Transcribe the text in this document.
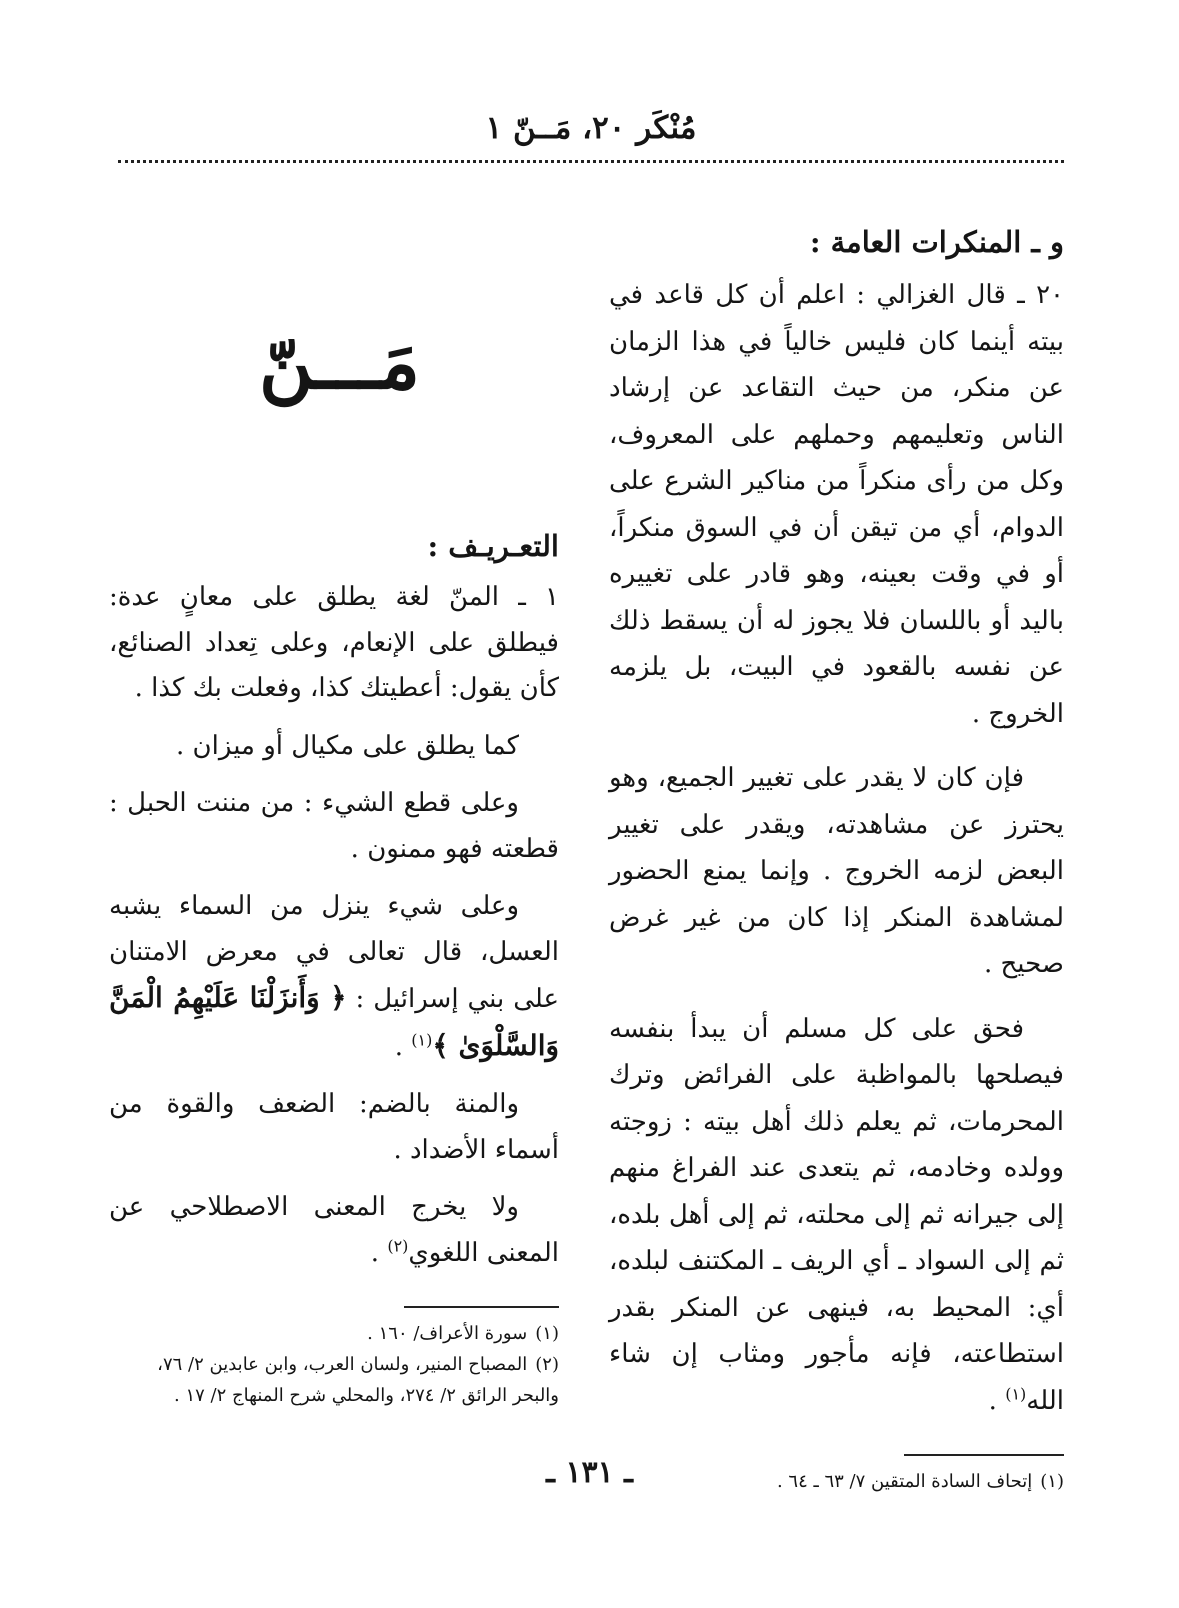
مُنْكَر ٢٠، مَــنّ ١
و ـ المنكرات العامة :

٢٠ ـ قال الغزالي : اعلم أن كل قاعد في بيته أينما كان فليس خالياً في هذا الزمان عن منكر، من حيث التقاعد عن إرشاد الناس وتعليمهم وحملهم على المعروف، وكل من رأى منكراً من مناكير الشرع على الدوام، أي من تيقن أن في السوق منكراً، أو في وقت بعينه، وهو قادر على تغييره باليد أو باللسان فلا يجوز له أن يسقط ذلك عن نفسه بالقعود في البيت، بل يلزمه الخروج .

فإن كان لا يقدر على تغيير الجميع، وهو يحترز عن مشاهدته، ويقدر على تغيير البعض لزمه الخروج . وإنما يمنع الحضور لمشاهدة المنكر إذا كان من غير غرض صحيح .

فحق على كل مسلم أن يبدأ بنفسه فيصلحها بالمواظبة على الفرائض وترك المحرمات، ثم يعلم ذلك أهل بيته : زوجته وولده وخادمه، ثم يتعدى عند الفراغ منهم إلى جيرانه ثم إلى محلته، ثم إلى أهل بلده، ثم إلى السواد ـ أي الريف ـ المكتنف لبلده، أي: المحيط به، فينهى عن المنكر بقدر استطاعته، فإنه مأجور ومثاب إن شاء الله$^{(١)}$ .

(١)إتحاف السادة المتقين ٧/ ٦٣ ـ ٦٤ .

مَـــنّ
التعـريـف :

١ ـ المنّ لغة يطلق على معانٍ عدة: فيطلق على الإنعام، وعلى تِعداد الصنائع، كأن يقول: أعطيتك كذا، وفعلت بك كذا .

كما يطلق على مكيال أو ميزان .

وعلى قطع الشيء : من مننت الحبل : قطعته فهو ممنون .

وعلى شيء ينزل من السماء يشبه العسل، قال تعالى في معرض الامتنان على بني إسرائيل : ﴿ وَأَنزَلْنَا عَلَيْهِمُ الْمَنَّ وَالسَّلْوَىٰ ﴾$^{(١)}$ .

والمنة بالضم: الضعف والقوة من أسماء الأضداد .

ولا يخرج المعنى الاصطلاحي عن المعنى اللغوي$^{(٢)}$ .

(١)سورة الأعراف/ ١٦٠ .

(٢)المصباح المنير، ولسان العرب، وابن عابدين ٢/ ٧٦، والبحر الرائق ٢/ ٢٧٤، والمحلي شرح المنهاج ٢/ ١٧ .

ـ ١٣١ ـ
